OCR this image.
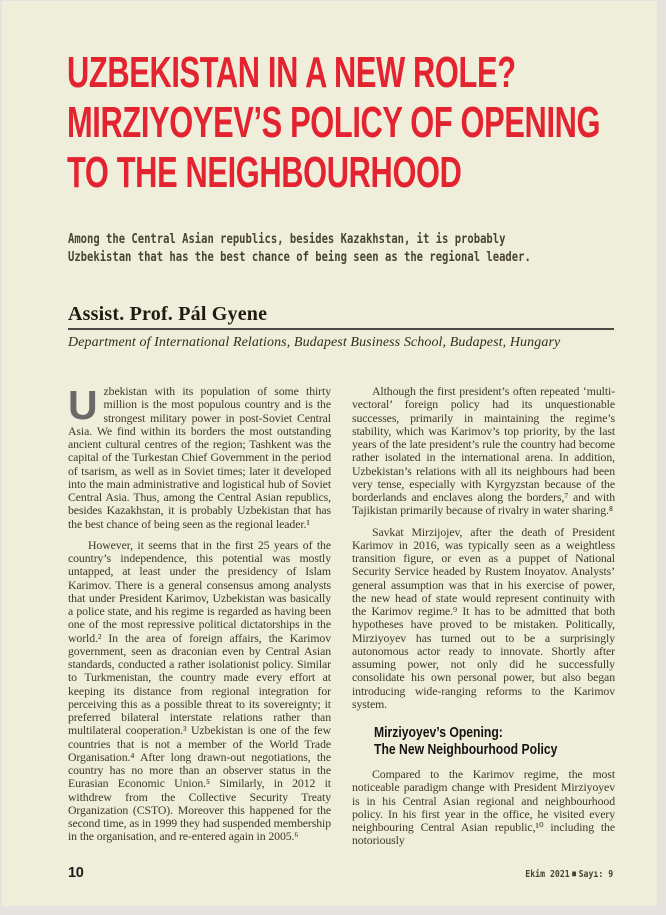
UZBEKISTAN IN A NEW ROLE?
MIRZIYOYEV’S POLICY OF OPENING
TO THE NEIGHBOURHOOD
Among the Central Asian republics, besides Kazakhstan, it is probably
Uzbekistan that has the best chance of being seen as the regional leader.
Assist. Prof. Pál Gyene
Department of International Relations, Budapest Business School, Budapest, Hungary

Uzbekistan with its population of some thirty million is the most populous country and is the strongest military power in post-Soviet Central Asia. We find within its borders the most outstanding ancient cultural centres of the region; Tashkent was the capital of the Turkestan Chief Government in the period of tsarism, as well as in Soviet times; later it developed into the main administrative and logistical hub of Soviet Central Asia. Thus, among the Central Asian republics, besides Kazakhstan, it is probably Uzbekistan that has the best chance of being seen as the regional leader.¹

However, it seems that in the first 25 years of the country’s independence, this potential was mostly untapped, at least under the presidency of Islam Karimov. There is a general consensus among analysts that under President Karimov, Uzbekistan was basically a police state, and his regime is regarded as having been one of the most repressive political dictatorships in the world.² In the area of foreign affairs, the Karimov government, seen as draconian even by Central Asian standards, conducted a rather isolationist policy. Similar to Turkmenistan, the country made every effort at keeping its distance from regional integration for perceiving this as a possible threat to its sovereignty; it preferred bilateral interstate relations rather than multilateral cooperation.³ Uzbekistan is one of the few countries that is not a member of the World Trade Organisation.⁴ After long drawn-out negotiations, the country has no more than an observer status in the Eurasian Economic Union.⁵ Similarly, in 2012 it withdrew from the Collective Security Treaty Organization (CSTO). Moreover this happened for the second time, as in 1999 they had suspended membership in the organisation, and re-entered again in 2005.⁶

Although the first president’s often repeated ‘multi-vectoral’ foreign policy had its unquestionable successes, primarily in maintaining the regime’s stability, which was Karimov’s top priority, by the last years of the late president’s rule the country had become rather isolated in the international arena. In addition, Uzbekistan’s relations with all its neighbours had been very tense, especially with Kyrgyzstan because of the borderlands and enclaves along the borders,⁷ and with Tajikistan primarily because of rivalry in water sharing.⁸

Savkat Mirzijojev, after the death of President Karimov in 2016, was typically seen as a weightless transition figure, or even as a puppet of National Security Service headed by Rustem Inoyatov. Analysts’ general assumption was that in his exercise of power, the new head of state would represent continuity with the Karimov regime.⁹ It has to be admitted that both hypotheses have proved to be mistaken. Politically, Mirziyoyev has turned out to be a surprisingly autonomous actor ready to innovate. Shortly after assuming power, not only did he successfully consolidate his own personal power, but also began introducing wide-ranging reforms to the Karimov system.

Mirziyoyev’s Opening:
The New Neighbourhood Policy

Compared to the Karimov regime, the most noticeable paradigm change with President Mirziyoyev is in his Central Asian regional and neighbourhood policy. In his first year in the office, he visited every neighbouring Central Asian republic,¹⁰ including the notoriously

10	Ekim 2021 ■ Sayı: 9
